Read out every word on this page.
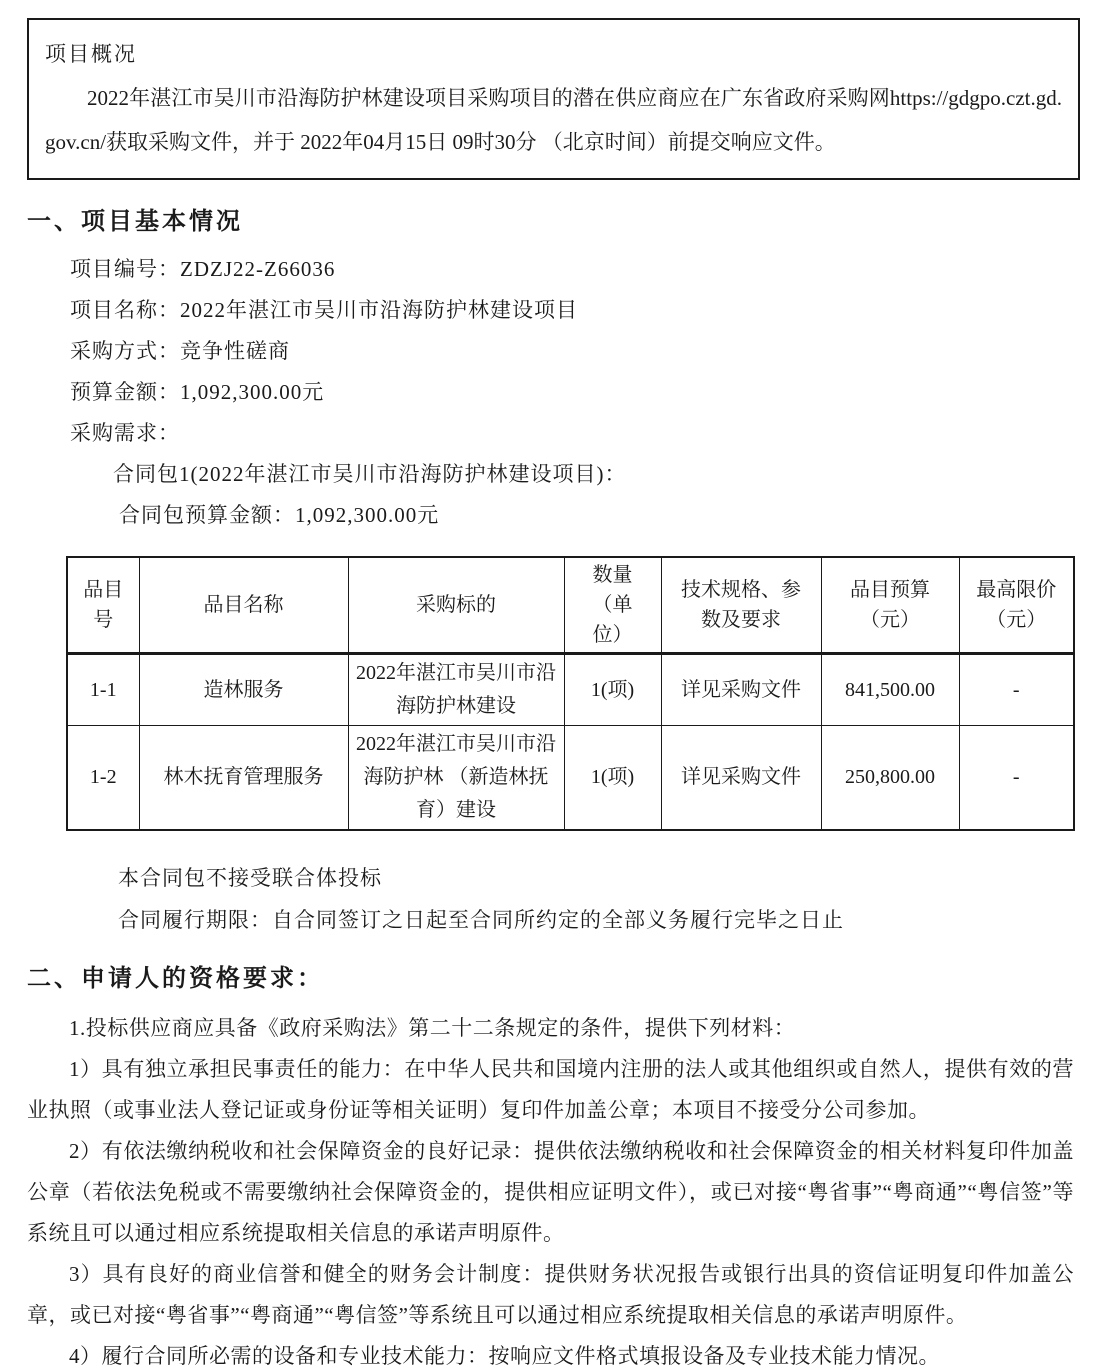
项目概况

2022年湛江市吴川市沿海防护林建设项目采购项目的潜在供应商应在广东省政府采购网https://gdgpo.czt.gd.gov.cn/获取采购文件，并于 2022年04月15日 09时30分 （北京时间）前提交响应文件。

一、项目基本情况
项目编号：ZDZJ22-Z66036
项目名称：2022年湛江市吴川市沿海防护林建设项目
采购方式：竞争性磋商
预算金额：1,092,300.00元
采购需求：
合同包1(2022年湛江市吴川市沿海防护林建设项目)：
合同包预算金额：1,092,300.00元
品目号	品目名称	采购标的	数量（单位）	技术规格、参数及要求	品目预算（元）	最高限价（元）
1-1	造林服务	2022年湛江市吴川市沿海防护林建设	1(项)	详见采购文件	841,500.00	-
1-2	林木抚育管理服务	2022年湛江市吴川市沿海防护林 （新造林抚育）建设	1(项)	详见采购文件	250,800.00	-
本合同包不接受联合体投标
合同履行期限：自合同签订之日起至合同所约定的全部义务履行完毕之日止
二、申请人的资格要求：

1.投标供应商应具备《政府采购法》第二十二条规定的条件，提供下列材料：

1）具有独立承担民事责任的能力：在中华人民共和国境内注册的法人或其他组织或自然人，提供有效的营业执照（或事业法人登记证或身份证等相关证明）复印件加盖公章；本项目不接受分公司参加。

2）有依法缴纳税收和社会保障资金的良好记录：提供依法缴纳税收和社会保障资金的相关材料复印件加盖公章（若依法免税或不需要缴纳社会保障资金的，提供相应证明文件），或已对接“粤省事”“粤商通”“粤信签”等系统且可以通过相应系统提取相关信息的承诺声明原件。

3）具有良好的商业信誉和健全的财务会计制度：提供财务状况报告或银行出具的资信证明复印件加盖公章，或已对接“粤省事”“粤商通”“粤信签”等系统且可以通过相应系统提取相关信息的承诺声明原件。

4）履行合同所必需的设备和专业技术能力：按响应文件格式填报设备及专业技术能力情况。
